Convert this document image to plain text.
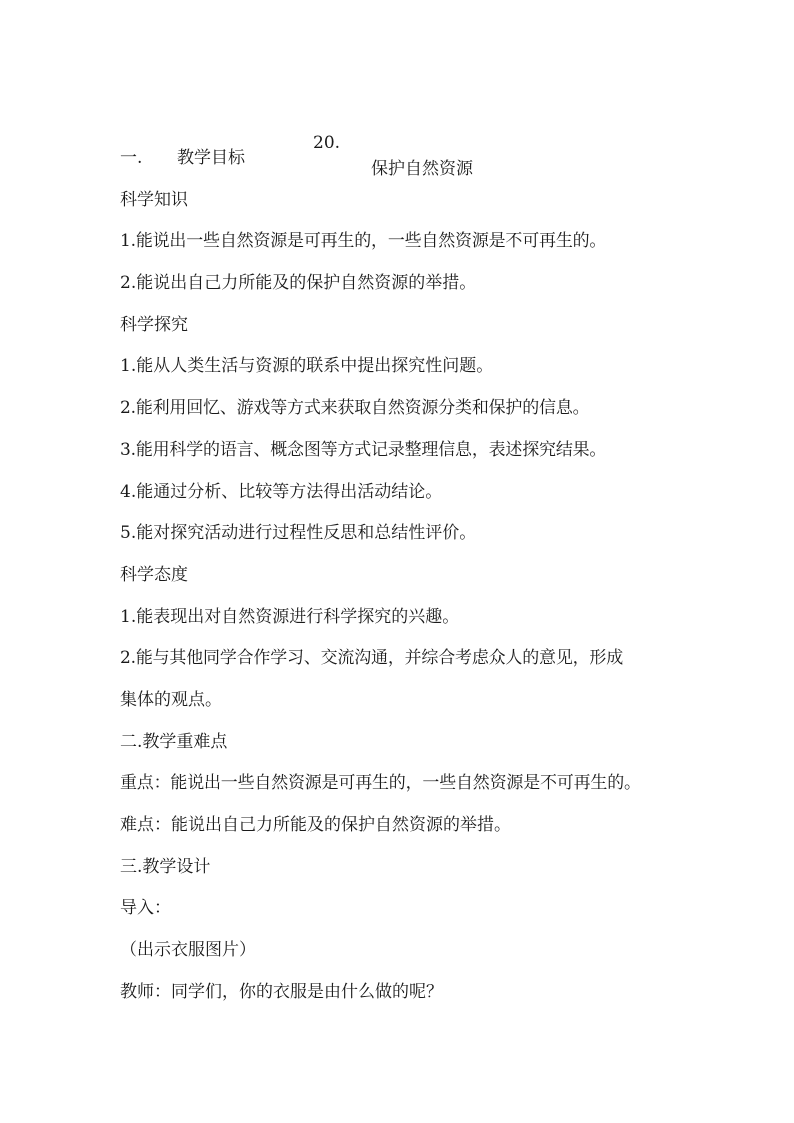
20.

保护自然资源

一. 教学目标
科学知识
1.能说出一些自然资源是可再生的，一些自然资源是不可再生的。
2.能说出自己力所能及的保护自然资源的举措。
科学探究
1.能从人类生活与资源的联系中提出探究性问题。
2.能利用回忆、游戏等方式来获取自然资源分类和保护的信息。
3.能用科学的语言、概念图等方式记录整理信息，表述探究结果。
4.能通过分析、比较等方法得出活动结论。
5.能对探究活动进行过程性反思和总结性评价。
科学态度
1.能表现出对自然资源进行科学探究的兴趣。
2.能与其他同学合作学习、交流沟通，并综合考虑众人的意见，形成
集体的观点。
二.教学重难点
重点：能说出一些自然资源是可再生的，一些自然资源是不可再生的。
难点：能说出自己力所能及的保护自然资源的举措。
三.教学设计
导入：
（出示衣服图片）
教师：同学们，你的衣服是由什么做的呢？
